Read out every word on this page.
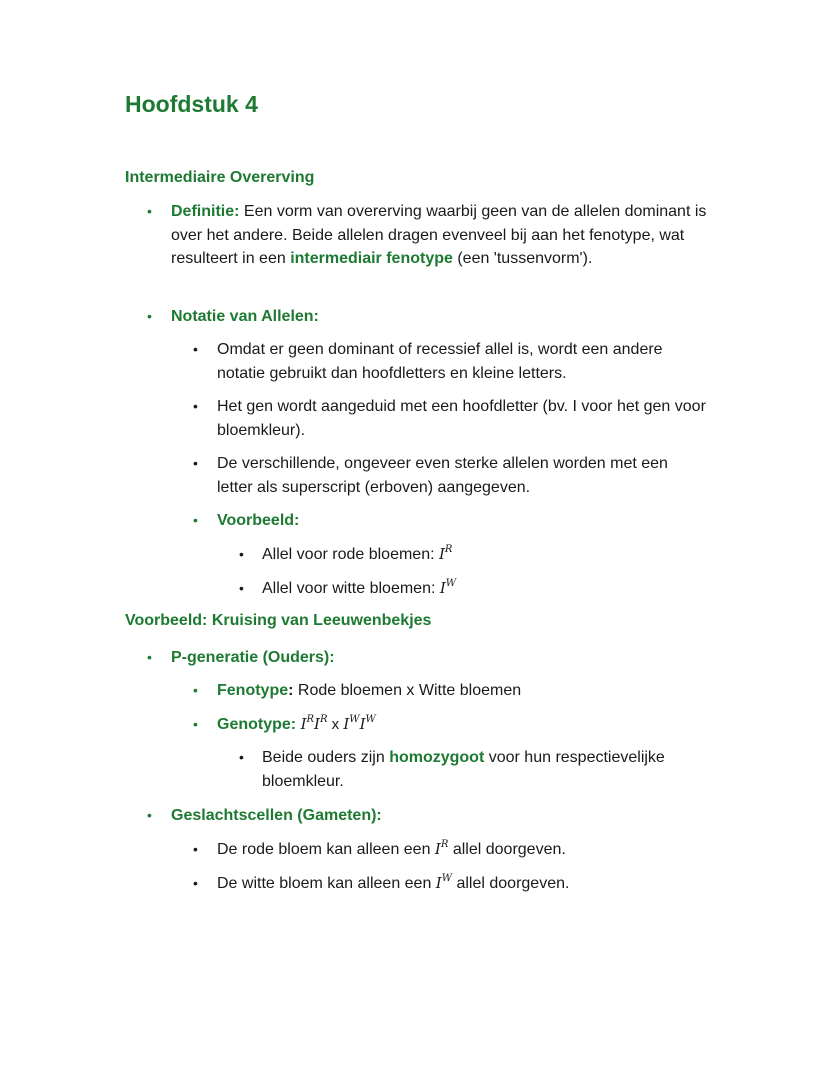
Hoofdstuk 4
Intermediaire Overerving
• Definitie: Een vorm van overerving waarbij geen van de allelen dominant is over het andere. Beide allelen dragen evenveel bij aan het fenotype, wat resulteert in een intermediair fenotype (een 'tussenvorm').

• Notatie van Allelen:

• Omdat er geen dominant of recessief allel is, wordt een andere notatie gebruikt dan hoofdletters en kleine letters.

• Het gen wordt aangeduid met een hoofdletter (bv. I voor het gen voor bloemkleur).

• De verschillende, ongeveer even sterke allelen worden met een letter als superscript (erboven) aangegeven.

• Voorbeeld:

• Allel voor rode bloemen: $I^R$

• Allel voor witte bloemen: $I^W$

Voorbeeld: Kruising van Leeuwenbekjes
• P-generatie (Ouders):

• Fenotype: Rode bloemen x Witte bloemen

• Genotype: $I^RI^R$ x $I^WI^W$

• Beide ouders zijn homozygoot voor hun respectievelijke bloemkleur.

• Geslachtscellen (Gameten):

• De rode bloem kan alleen een $I^R$ allel doorgeven.

• De witte bloem kan alleen een $I^W$ allel doorgeven.
